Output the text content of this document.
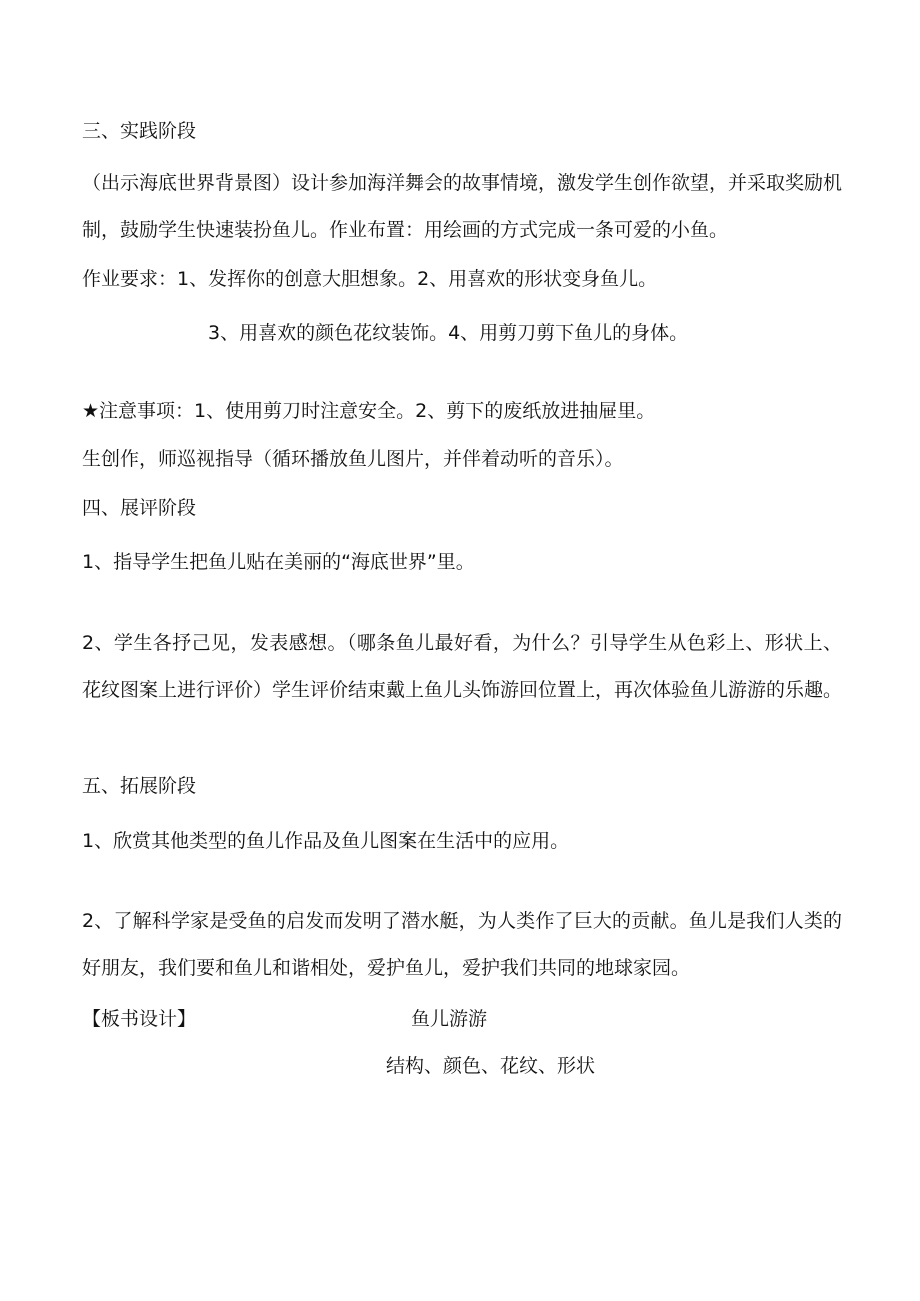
三、实践阶段
（出示海底世界背景图）设计参加海洋舞会的故事情境，激发学生创作欲望，并采取奖励机制，鼓励学生快速装扮鱼儿。作业布置：用绘画的方式完成一条可爱的小鱼。
作业要求：1、发挥你的创意大胆想象。2、用喜欢的形状变身鱼儿。
3、用喜欢的颜色花纹装饰。4、用剪刀剪下鱼儿的身体。
★注意事项：1、使用剪刀时注意安全。2、剪下的废纸放进抽屉里。
生创作，师巡视指导（循环播放鱼儿图片，并伴着动听的音乐）。
四、展评阶段
1、指导学生把鱼儿贴在美丽的“海底世界”里。
2、学生各抒己见，发表感想。（哪条鱼儿最好看，为什么？引导学生从色彩上、形状上、花纹图案上进行评价）学生评价结束戴上鱼儿头饰游回位置上，再次体验鱼儿游游的乐趣。
五、拓展阶段
1、欣赏其他类型的鱼儿作品及鱼儿图案在生活中的应用。
2、了解科学家是受鱼的启发而发明了潜水艇，为人类作了巨大的贡献。鱼儿是我们人类的好朋友，我们要和鱼儿和谐相处，爱护鱼儿，爱护我们共同的地球家园。
【板书设计】	鱼儿游游
结构、颜色、花纹、形状
